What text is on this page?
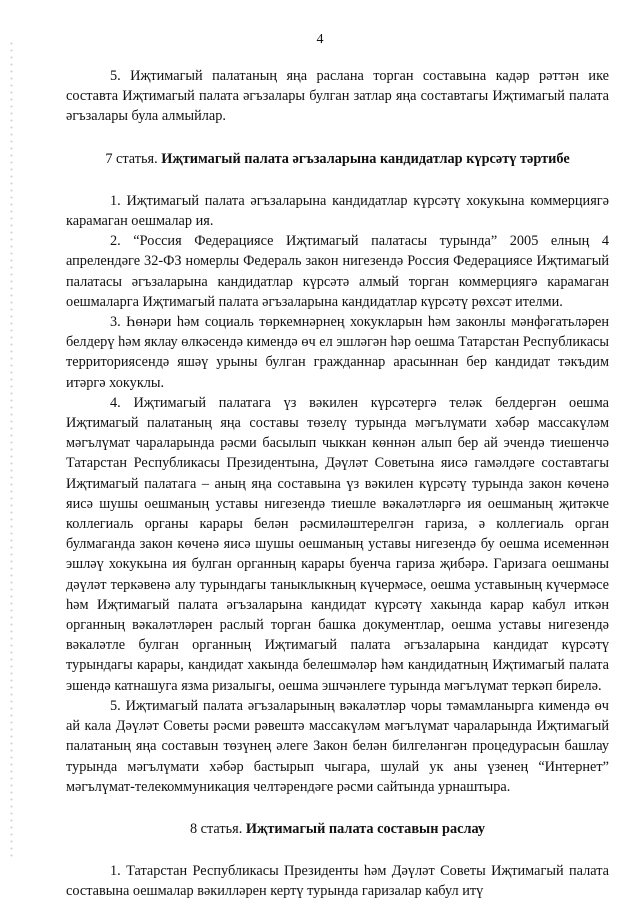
4

5. Иҗтимагый палатаның яңа раслана торган составына кадәр рәттән ике составта Иҗтимагый палата әгъзалары булган затлар яңа составтагы Иҗтимагый палата әгъзалары була алмыйлар.

7 статья. Иҗтимагый палата әгъзаларына кандидатлар күрсәтү тәртибе

1. Иҗтимагый палата әгъзаларына кандидатлар күрсәтү хокукына коммерциягә карамаган оешмалар ия.

2. “Россия Федерациясе Иҗтимагый палатасы турында” 2005 елның 4 апрелендәге 32-ФЗ номерлы Федераль закон нигезендә Россия Федерациясе Иҗтимагый палатасы әгъзаларына кандидатлар күрсәтә алмый торган коммерциягә карамаган оешмаларга Иҗтимагый палата әгъзаларына кандидатлар күрсәтү рөхсәт ителми.

3. Һөнәри һәм социаль төркемнәрнең хокукларын һәм законлы мәнфәгатьләрен белдерү һәм яклау өлкәсендә кимендә өч ел эшләгән һәр оешма Татарстан Республикасы территориясендә яшәү урыны булган гражданнар арасыннан бер кандидат тәкъдим итәргә хокуклы.

4. Иҗтимагый палатага үз вәкилен күрсәтергә теләк белдергән оешма Иҗтимагый палатаның яңа составы төзелү турында мәгълүмати хәбәр массакүләм мәгълүмат чараларында рәсми басылып чыккан көннән алып бер ай эчендә тиешенчә Татарстан Республикасы Президентына, Дәүләт Советына яисә гамәлдәге составтагы Иҗтимагый палатага – аның яңа составына үз вәкилен күрсәтү турында закон көченә яисә шушы оешманың уставы нигезендә тиешле вәкаләтләргә ия оешманың җитәкче коллегиаль органы карары белән рәсмиләштерелгән гариза, ә коллегиаль орган булмаганда закон көченә яисә шушы оешманың уставы нигезендә бу оешма исеменнән эшләү хокукына ия булган органның карары буенча гариза җибәрә. Гаризага оешманы дәүләт теркәвенә алу турындагы таныклыкның күчермәсе, оешма уставының күчермәсе һәм Иҗтимагый палата әгъзаларына кандидат күрсәтү хакында карар кабул иткән органның вәкаләтләрен раслый торган башка документлар, оешма уставы нигезендә вәкаләтле булган органның Иҗтимагый палата әгъзаларына кандидат күрсәтү турындагы карары, кандидат хакында белешмәләр һәм кандидатның Иҗтимагый палата эшендә катнашуга язма ризалыгы, оешма эшчәнлеге турында мәгълүмат теркәп бирелә.

5. Иҗтимагый палата әгъзаларының вәкаләтләр чоры тәмамланырга кимендә өч ай кала Дәүләт Советы рәсми рәвештә массакүләм мәгълүмат чараларында Иҗтимагый палатаның яңа составын төзүнең әлеге Закон белән билгеләнгән процедурасын башлау турында мәгълүмати хәбәр бастырып чыгара, шулай ук аны үзенең “Интернет” мәгълүмат-телекоммуникация челтәрендәге рәсми сайтында урнаштыра.

8 статья. Иҗтимагый палата составын раслау

1. Татарстан Республикасы Президенты һәм Дәүләт Советы Иҗтимагый палата составына оешмалар вәкилләрен кертү турында гаризалар кабул итү
